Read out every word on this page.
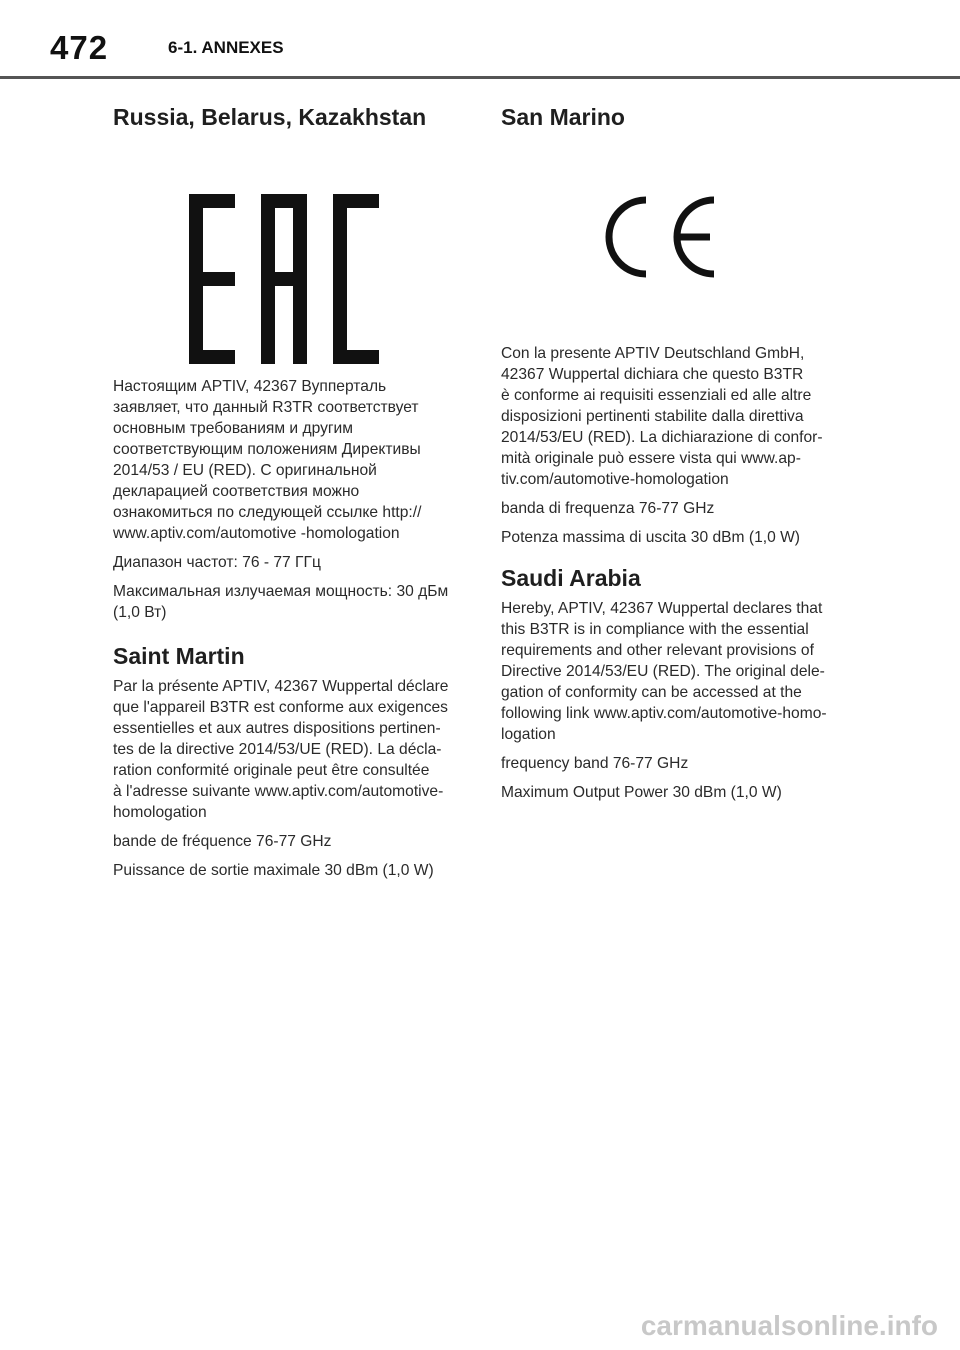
472	6-1. ANNEXES
Russia, Belarus, Kazakhstan

Настоящим APTIV, 42367 Вупперталь
заявляет, что данный R3TR соответствует
основным требованиям и другим
соответствующим положениям Директивы
2014/53 / EU (RED). С оригинальной
декларацией соответствия можно
ознакомиться по следующей ссылке http://
www.aptiv.com/automotive -homologation

Диапазон частот: 76 - 77 ГГц

Максимальная излучаемая мощность: 30 дБм
(1,0 Вт)

Saint Martin

Par la présente APTIV, 42367 Wuppertal déclare
que l'appareil B3TR est conforme aux exigences
essentielles et aux autres dispositions pertinen-
tes de la directive 2014/53/UE (RED). La décla-
ration conformité originale peut être consultée
à l'adresse suivante www.aptiv.com/automotive-
homologation

bande de fréquence 76-77 GHz

Puissance de sortie maximale 30 dBm (1,0 W)

San Marino

Con la presente APTIV Deutschland GmbH,
42367 Wuppertal dichiara che questo B3TR
è conforme ai requisiti essenziali ed alle altre
disposizioni pertinenti stabilite dalla direttiva
2014/53/EU (RED). La dichiarazione di confor-
mità originale può essere vista qui www.ap-
tiv.com/automotive-homologation

banda di frequenza 76-77 GHz

Potenza massima di uscita 30 dBm (1,0 W)

Saudi Arabia

Hereby, APTIV, 42367 Wuppertal declares that
this B3TR is in compliance with the essential
requirements and other relevant provisions of
Directive 2014/53/EU (RED). The original dele-
gation of conformity can be accessed at the
following link www.aptiv.com/automotive-homo-
logation

frequency band 76-77 GHz

Maximum Output Power 30 dBm (1,0 W)

carmanualsonline.info
